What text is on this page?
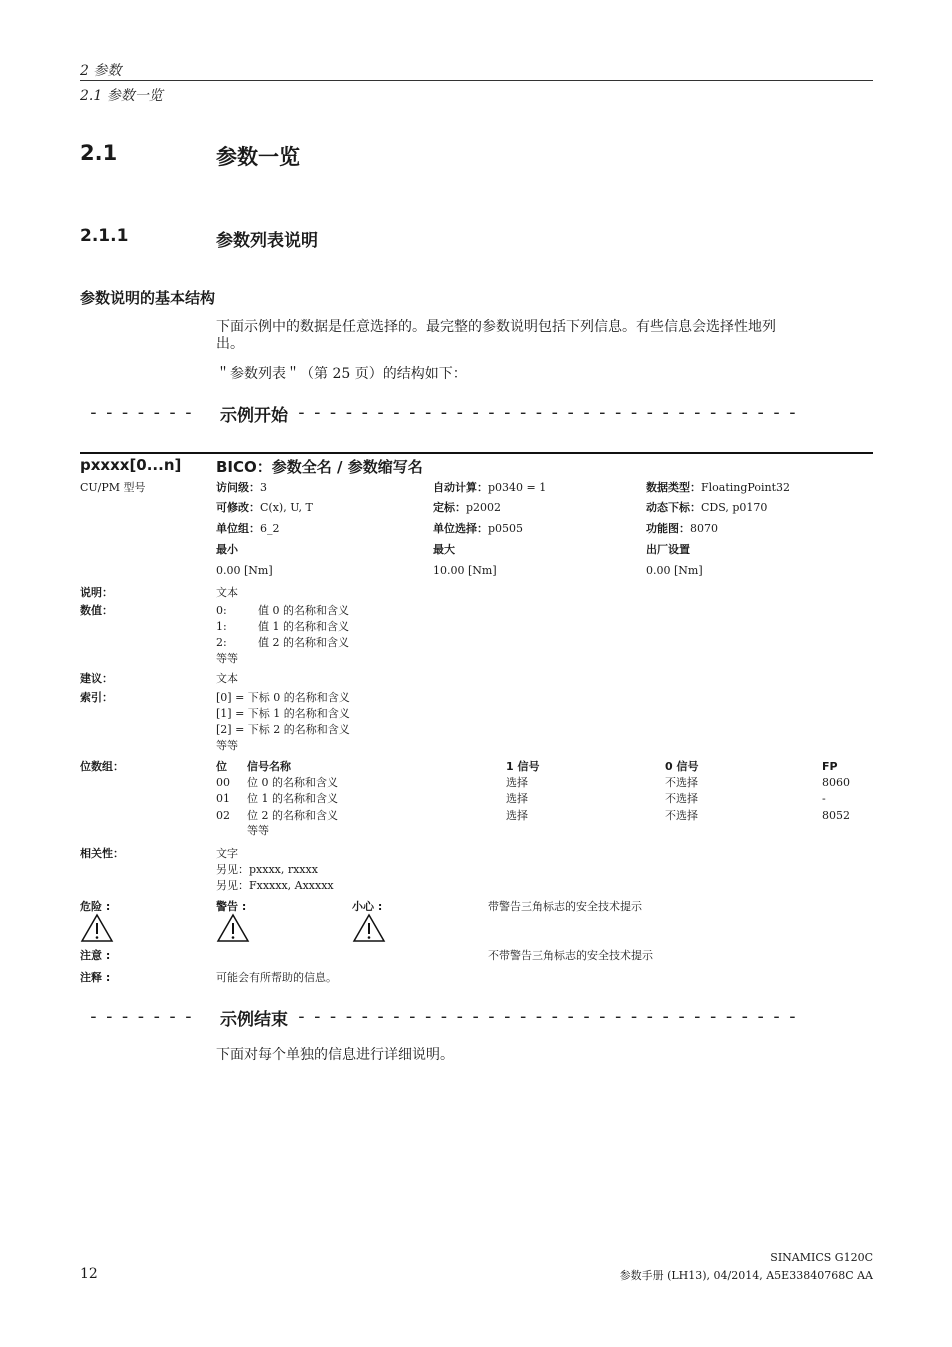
2 参数
2.1 参数一览
2.1	参数一览
2.1.1	参数列表说明
参数说明的基本结构
下面示例中的数据是任意选择的。最完整的参数说明包括下列信息。有些信息会选择性地列
出。
＂参数列表＂（第 25 页）的结构如下：
-------	--------------------------------
示例开始
pxxxx[0...n] BICO：参数全名 / 参数缩写名
CU/PM 型号	访问级：3	自动计算：p0340 = 1	数据类型：FloatingPoint32
可修改：C(x), U, T	定标：p2002	动态下标：CDS, p0170
单位组：6_2	单位选择：p0505	功能图：8070
最小	最大	出厂设置
0.00 [Nm]	10.00 [Nm]	0.00 [Nm]
说明：	文本
数值：	0:	值 0 的名称和含义
1:	值 1 的名称和含义
2:	值 2 的名称和含义
等等
建议：	文本
索引：	[0] = 下标 0 的名称和含义
[1] = 下标 1 的名称和含义
[2] = 下标 2 的名称和含义
等等
位数组：	位 信号名称	1 信号	0 信号	FP
00 位 0 的名称和含义	选择	不选择	8060
01 位 1 的名称和含义	选择	不选择	-
02 位 2 的名称和含义	选择	不选择	8052
等等
相关性：	文字
另见：pxxxx, rxxxx
另见：Fxxxxx, Axxxxx
危险 :	警告 :	小心 :	带警告三角标志的安全技术提示
注意 :	不带警告三角标志的安全技术提示
注释 :	可能会有所帮助的信息。
-------	--------------------------------
示例结束
下面对每个单独的信息进行详细说明。
12
SINAMICS G120C
参数手册 (LH13), 04/2014, A5E33840768C AA
